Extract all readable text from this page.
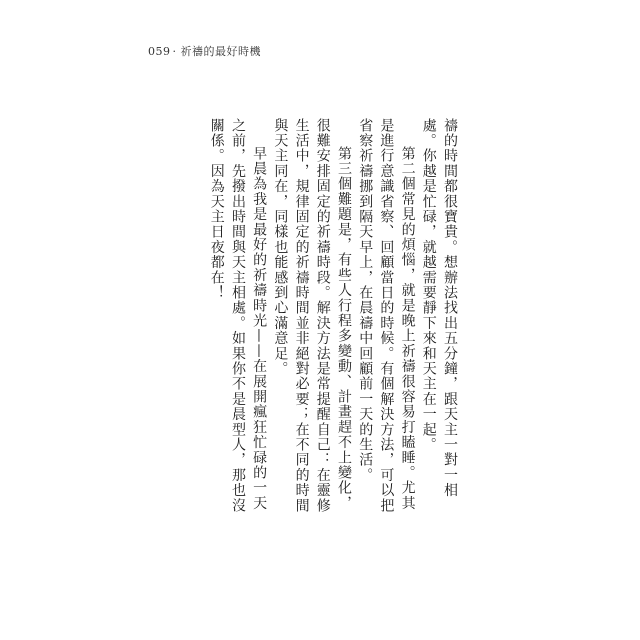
059 · 祈禱的最好時機

禱的時間都很寶貴。想辦法找出五分鐘，跟天主一對一相處。你越是忙碌，就越需要靜下來和天主在一起。

第二個常見的煩惱，就是晚上祈禱很容易打瞌睡。尤其是進行意識省察、回顧當日的時候。有個解決方法，可以把省察祈禱挪到隔天早上，在晨禱中回顧前一天的生活。

第三個難題是，有些人行程多變動、計畫趕不上變化，很難安排固定的祈禱時段。解決方法是常提醒自己：在靈修生活中，規律固定的祈禱時間並非絕對必要；在不同的時間與天主同在，同樣也能感到心滿意足。

早晨為我是最好的祈禱時光——在展開瘋狂忙碌的一天之前，先撥出時間與天主相處。如果你不是晨型人，那也沒關係。因為天主日夜都在！
